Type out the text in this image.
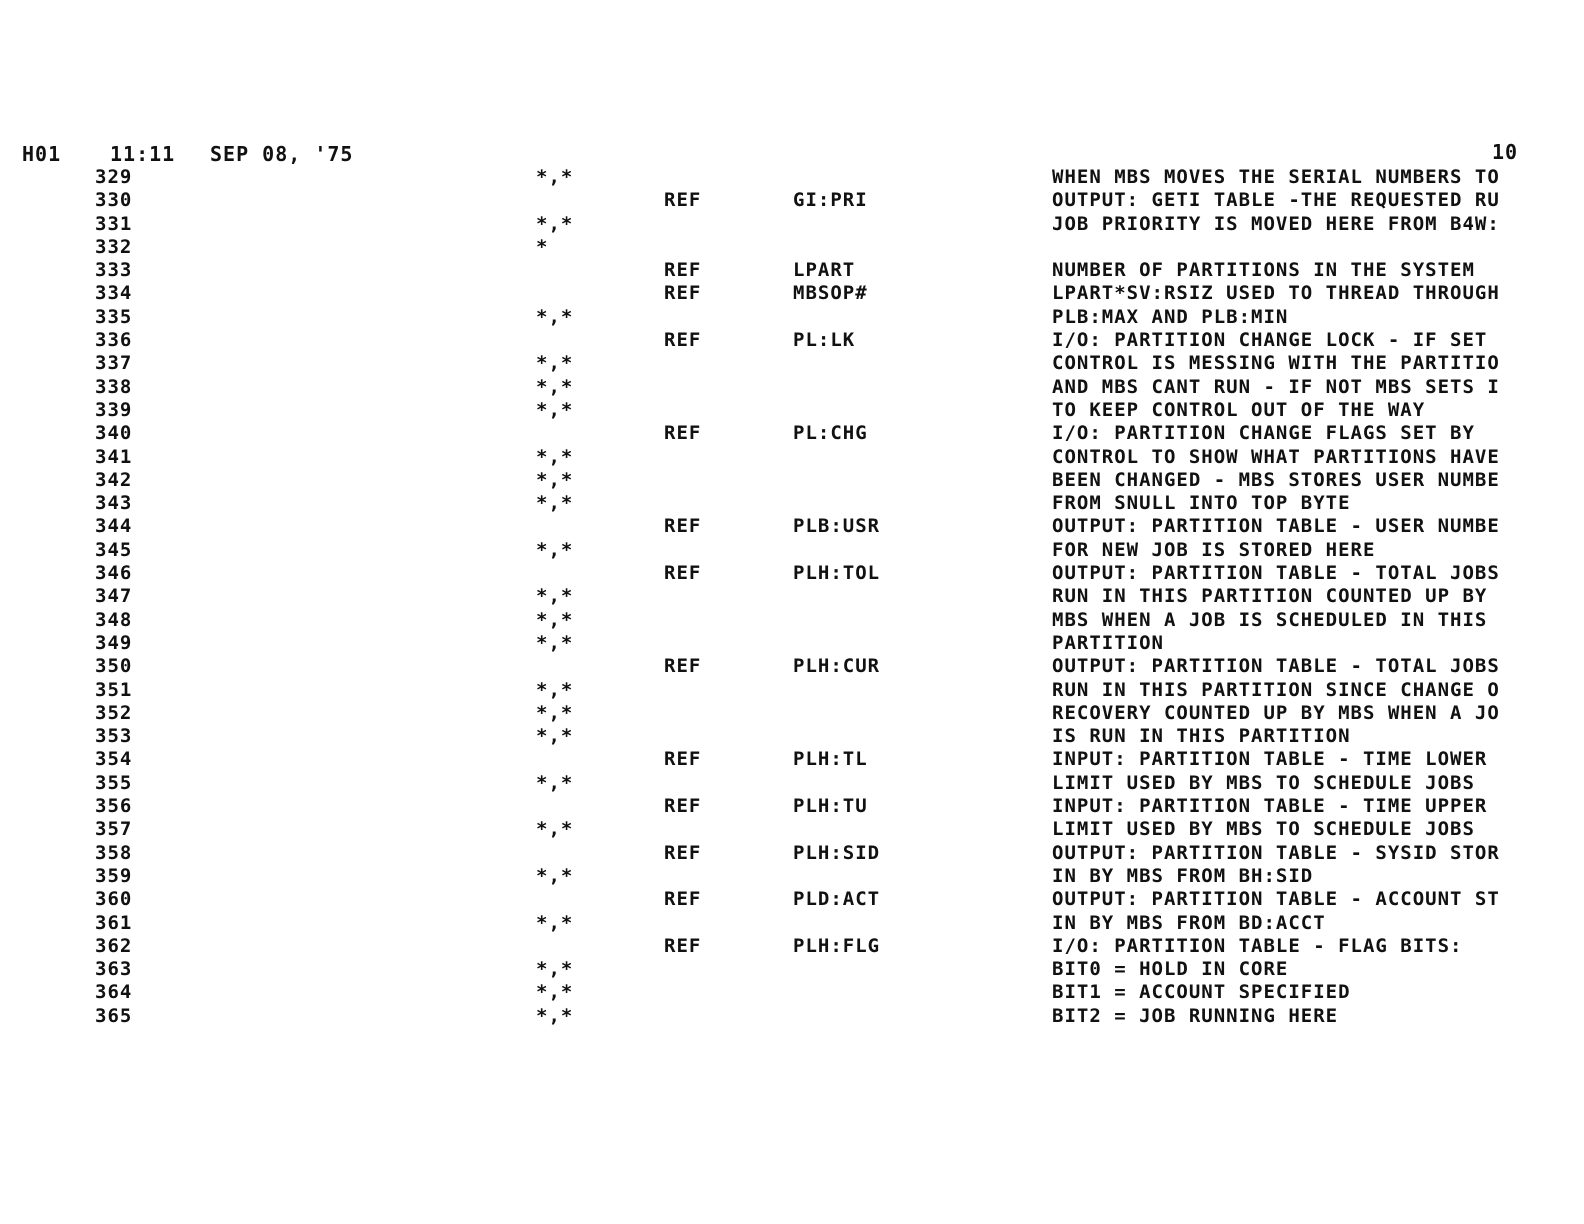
H01 11:11 SEP 08, '75	10
329	*,*	WHEN MBS MOVES THE SERIAL NUMBERS TO
330	REF	GI:PRI	OUTPUT: GETI TABLE -THE REQUESTED RU
331	*,*	JOB PRIORITY IS MOVED HERE FROM B4W:
332	*
333	REF	LPART	NUMBER OF PARTITIONS IN THE SYSTEM
334	REF	MBSOP#	LPART*SV:RSIZ USED TO THREAD THROUGH
335	*,*	PLB:MAX AND PLB:MIN
336	REF	PL:LK	I/O: PARTITION CHANGE LOCK - IF SET
337	*,*	CONTROL IS MESSING WITH THE PARTITIO
338	*,*	AND MBS CANT RUN - IF NOT MBS SETS I
339	*,*	TO KEEP CONTROL OUT OF THE WAY
340	REF	PL:CHG	I/O: PARTITION CHANGE FLAGS SET BY
341	*,*	CONTROL TO SHOW WHAT PARTITIONS HAVE
342	*,*	BEEN CHANGED - MBS STORES USER NUMBE
343	*,*	FROM SNULL INTO TOP BYTE
344	REF	PLB:USR	OUTPUT: PARTITION TABLE - USER NUMBE
345	*,*	FOR NEW JOB IS STORED HERE
346	REF	PLH:TOL	OUTPUT: PARTITION TABLE - TOTAL JOBS
347	*,*	RUN IN THIS PARTITION COUNTED UP BY
348	*,*	MBS WHEN A JOB IS SCHEDULED IN THIS
349	*,*	PARTITION
350	REF	PLH:CUR	OUTPUT: PARTITION TABLE - TOTAL JOBS
351	*,*	RUN IN THIS PARTITION SINCE CHANGE O
352	*,*	RECOVERY COUNTED UP BY MBS WHEN A JO
353	*,*	IS RUN IN THIS PARTITION
354	REF	PLH:TL	INPUT: PARTITION TABLE - TIME LOWER
355	*,*	LIMIT USED BY MBS TO SCHEDULE JOBS
356	REF	PLH:TU	INPUT: PARTITION TABLE - TIME UPPER
357	*,*	LIMIT USED BY MBS TO SCHEDULE JOBS
358	REF	PLH:SID	OUTPUT: PARTITION TABLE - SYSID STOR
359	*,*	IN BY MBS FROM BH:SID
360	REF	PLD:ACT	OUTPUT: PARTITION TABLE - ACCOUNT ST
361	*,*	IN BY MBS FROM BD:ACCT
362	REF	PLH:FLG	I/O: PARTITION TABLE - FLAG BITS:
363	*,*	BIT0 = HOLD IN CORE
364	*,*	BIT1 = ACCOUNT SPECIFIED
365	*,*	BIT2 = JOB RUNNING HERE
